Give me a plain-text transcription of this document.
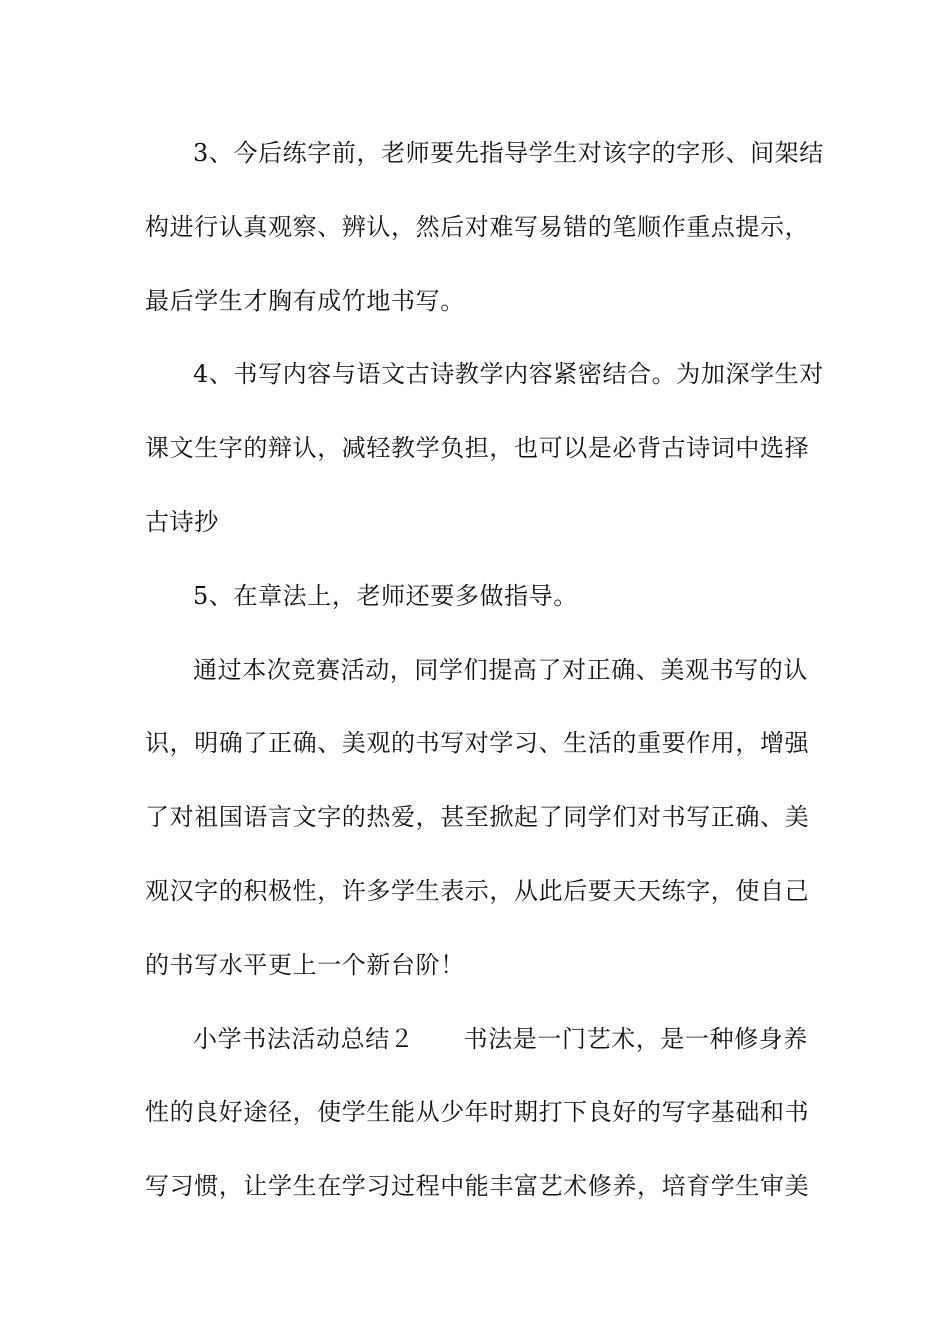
3、今后练字前，老师要先指导学生对该字的字形、间架结
构进行认真观察、辨认，然后对难写易错的笔顺作重点提示，
最后学生才胸有成竹地书写。
4、书写内容与语文古诗教学内容紧密结合。为加深学生对
课文生字的辩认，减轻教学负担，也可以是必背古诗词中选择
古诗抄
5、在章法上，老师还要多做指导。
通过本次竞赛活动，同学们提高了对正确、美观书写的认
识，明确了正确、美观的书写对学习、生活的重要作用，增强
了对祖国语言文字的热爱，甚至掀起了同学们对书写正确、美
观汉字的积极性，许多学生表示，从此后要天天练字，使自己
的书写水平更上一个新台阶！
小学书法活动总结２　　书法是一门艺术，是一种修身养
性的良好途径，使学生能从少年时期打下良好的写字基础和书
写习惯，让学生在学习过程中能丰富艺术修养，培育学生审美
